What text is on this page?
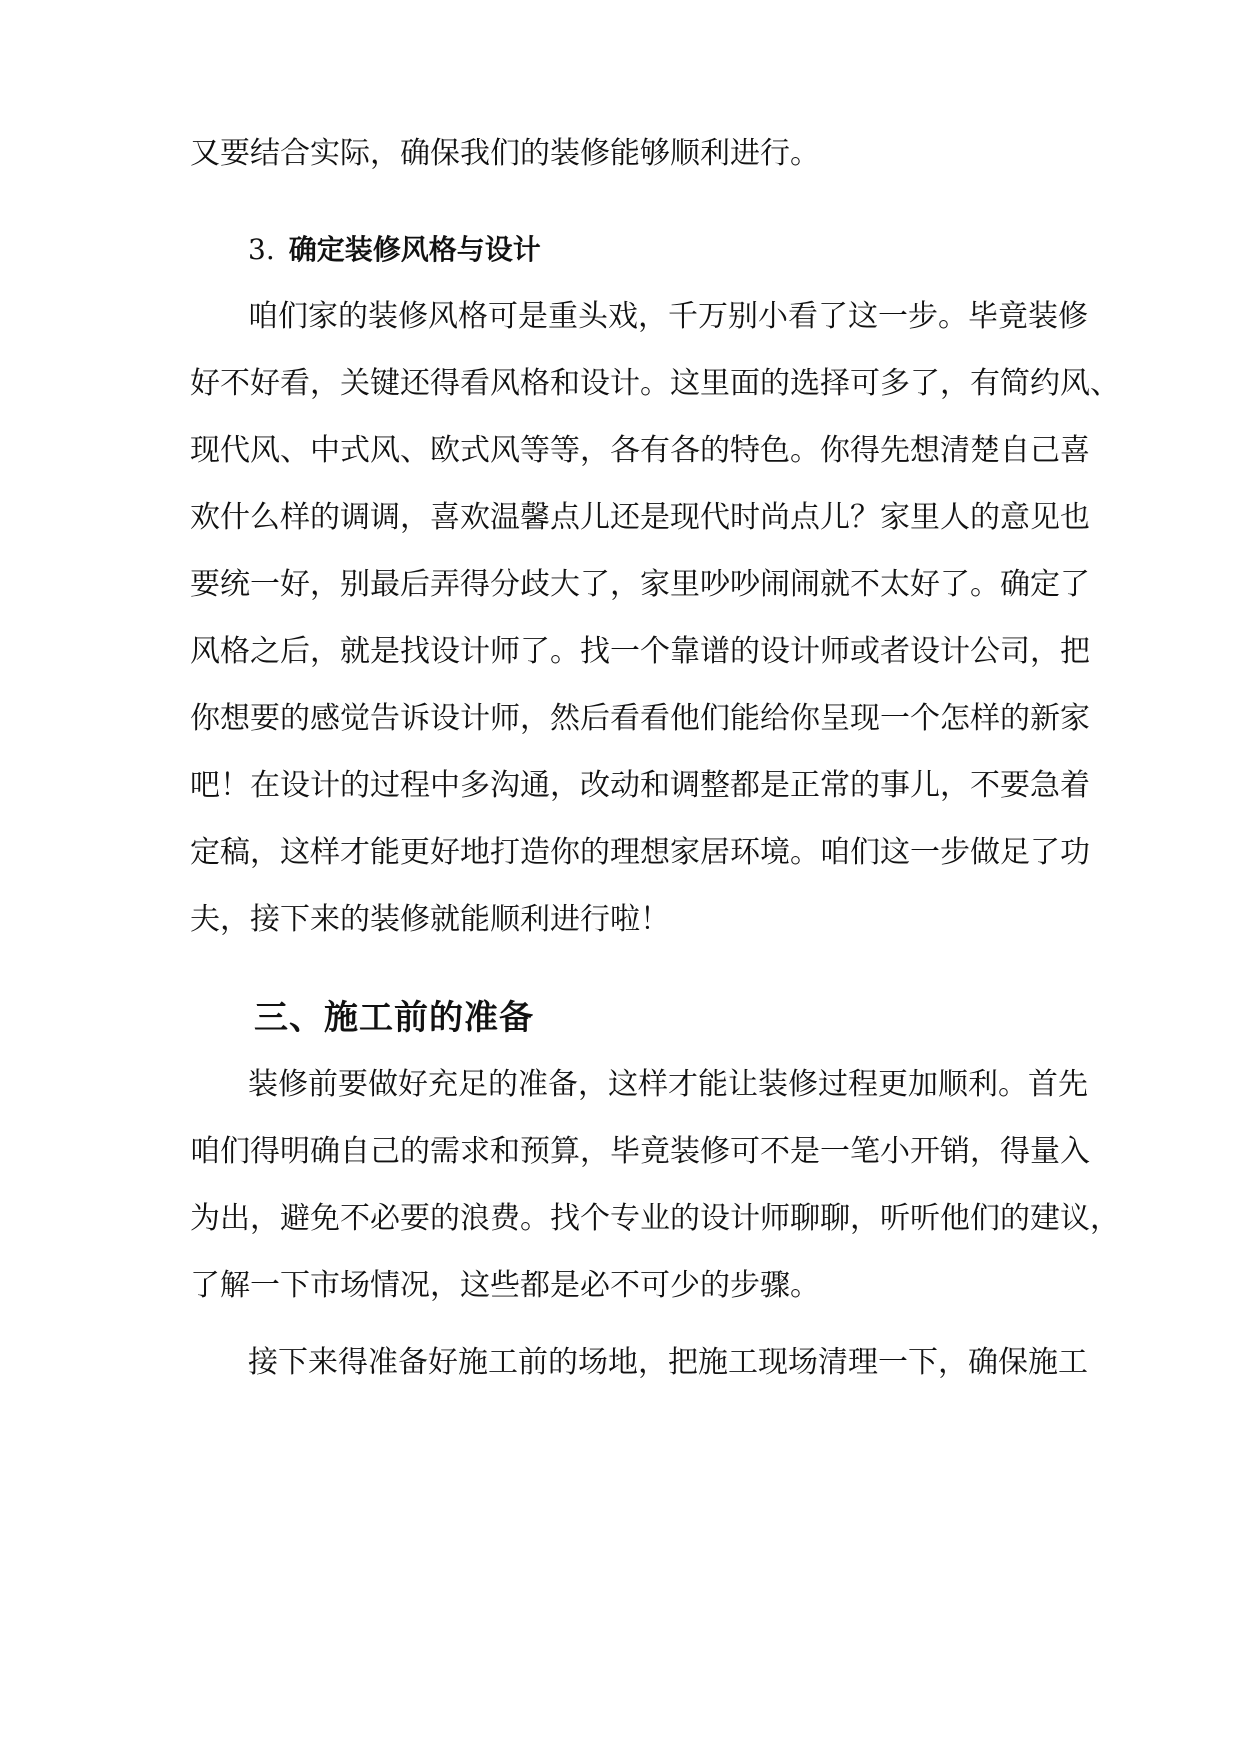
又要结合实际，确保我们的装修能够顺利进行。
3. 确定装修风格与设计
咱们家的装修风格可是重头戏，千万别小看了这一步。毕竟装修
好不好看，关键还得看风格和设计。这里面的选择可多了，有简约风、
现代风、中式风、欧式风等等，各有各的特色。你得先想清楚自己喜
欢什么样的调调，喜欢温馨点儿还是现代时尚点儿？家里人的意见也
要统一好，别最后弄得分歧大了，家里吵吵闹闹就不太好了。确定了
风格之后，就是找设计师了。找一个靠谱的设计师或者设计公司，把
你想要的感觉告诉设计师，然后看看他们能给你呈现一个怎样的新家
吧！在设计的过程中多沟通，改动和调整都是正常的事儿，不要急着
定稿，这样才能更好地打造你的理想家居环境。咱们这一步做足了功
夫，接下来的装修就能顺利进行啦！
三、施工前的准备
装修前要做好充足的准备，这样才能让装修过程更加顺利。首先
咱们得明确自己的需求和预算，毕竟装修可不是一笔小开销，得量入
为出，避免不必要的浪费。找个专业的设计师聊聊，听听他们的建议，
了解一下市场情况，这些都是必不可少的步骤。
接下来得准备好施工前的场地，把施工现场清理一下，确保施工
